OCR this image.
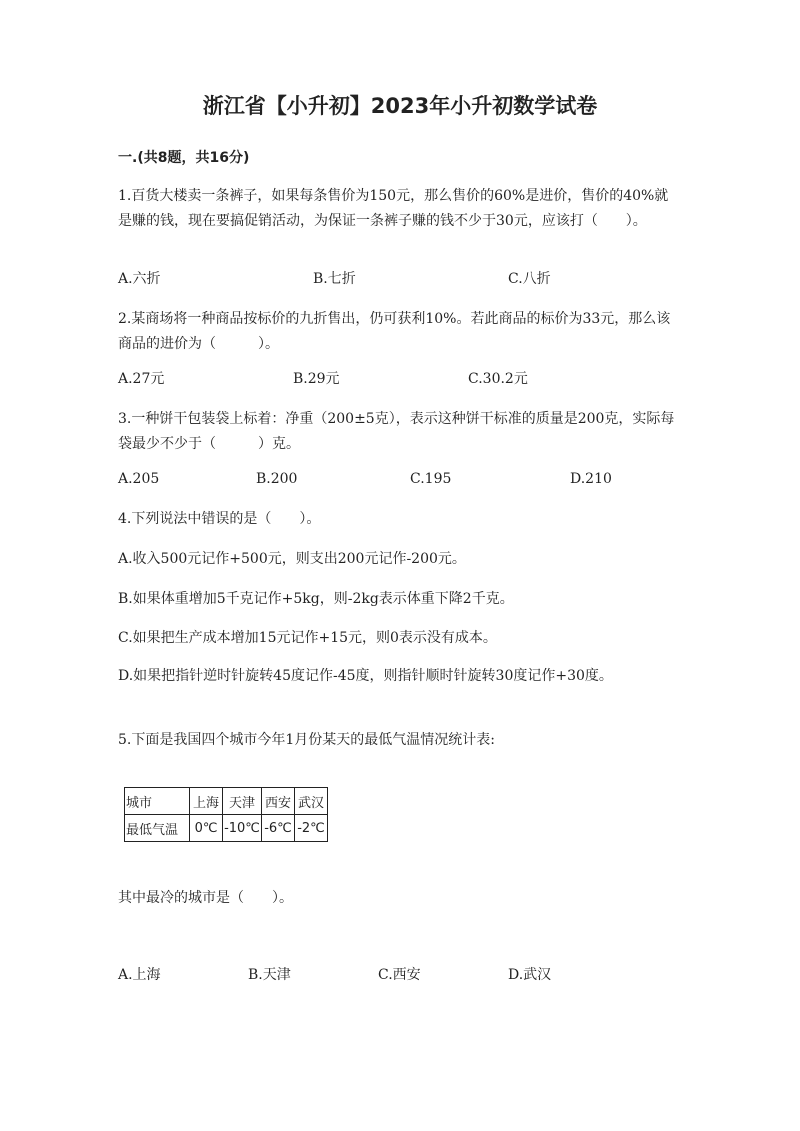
浙江省【小升初】2023年小升初数学试卷
一.(共8题，共16分)
1.百货大楼卖一条裤子，如果每条售价为150元，那么售价的60%是进价，售价的40%就是赚的钱，现在要搞促销活动，为保证一条裤子赚的钱不少于30元，应该打（　　）。
A.六折	B.七折	C.八折
2.某商场将一种商品按标价的九折售出，仍可获利10%。若此商品的标价为33元，那么该商品的进价为（　　　）。
A.27元	B.29元	C.30.2元
3.一种饼干包装袋上标着：净重（200±5克），表示这种饼干标准的质量是200克，实际每袋最少不少于（　　　）克。
A.205	B.200	C.195	D.210
4.下列说法中错误的是（　　）。
A.收入500元记作+500元，则支出200元记作-200元。
B.如果体重增加5千克记作+5kg，则-2kg表示体重下降2千克。
C.如果把生产成本增加15元记作+15元，则0表示没有成本。
D.如果把指针逆时针旋转45度记作-45度，则指针顺时针旋转30度记作+30度。
5.下面是我国四个城市今年1月份某天的最低气温情况统计表:
城市	上海	天津	西安	武汉
最低气温	0℃	-10℃	-6℃	-2℃
其中最冷的城市是（　　）。
A.上海	B.天津	C.西安	D.武汉
